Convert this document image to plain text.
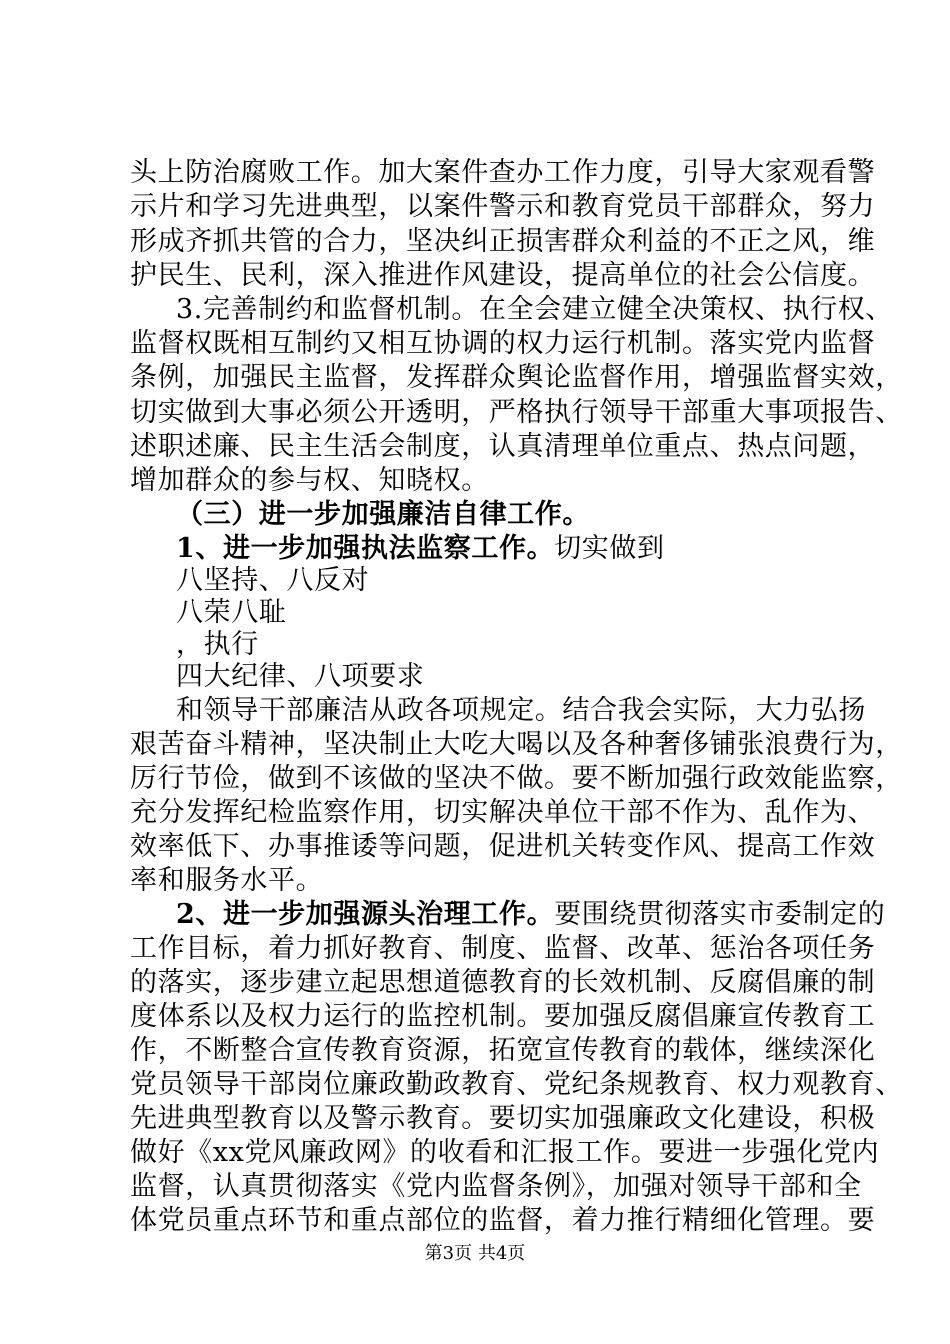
头上防治腐败工作。加大案件查办工作力度，引导大家观看警
示片和学习先进典型，以案件警示和教育党员干部群众，努力
形成齐抓共管的合力，坚决纠正损害群众利益的不正之风，维
护民生、民利，深入推进作风建设，提高单位的社会公信度。
3.完善制约和监督机制。在全会建立健全决策权、执行权、
监督权既相互制约又相互协调的权力运行机制。落实党内监督
条例，加强民主监督，发挥群众舆论监督作用，增强监督实效，
切实做到大事必须公开透明，严格执行领导干部重大事项报告、
述职述廉、民主生活会制度，认真清理单位重点、热点问题，
增加群众的参与权、知晓权。
（三）进一步加强廉洁自律工作。
1、进一步加强执法监察工作。切实做到
八坚持、八反对
八荣八耻
，执行
四大纪律、八项要求
和领导干部廉洁从政各项规定。结合我会实际，大力弘扬
艰苦奋斗精神，坚决制止大吃大喝以及各种奢侈铺张浪费行为，
厉行节俭，做到不该做的坚决不做。要不断加强行政效能监察，
充分发挥纪检监察作用，切实解决单位干部不作为、乱作为、
效率低下、办事推诿等问题，促进机关转变作风、提高工作效
率和服务水平。
2、进一步加强源头治理工作。要围绕贯彻落实市委制定的
工作目标，着力抓好教育、制度、监督、改革、惩治各项任务
的落实，逐步建立起思想道德教育的长效机制、反腐倡廉的制
度体系以及权力运行的监控机制。要加强反腐倡廉宣传教育工
作，不断整合宣传教育资源，拓宽宣传教育的载体，继续深化
党员领导干部岗位廉政勤政教育、党纪条规教育、权力观教育、
先进典型教育以及警示教育。要切实加强廉政文化建设，积极
做好《xx党风廉政网》的收看和汇报工作。要进一步强化党内
监督，认真贯彻落实《党内监督条例》，加强对领导干部和全
体党员重点环节和重点部位的监督，着力推行精细化管理。要
第3页 共4页
